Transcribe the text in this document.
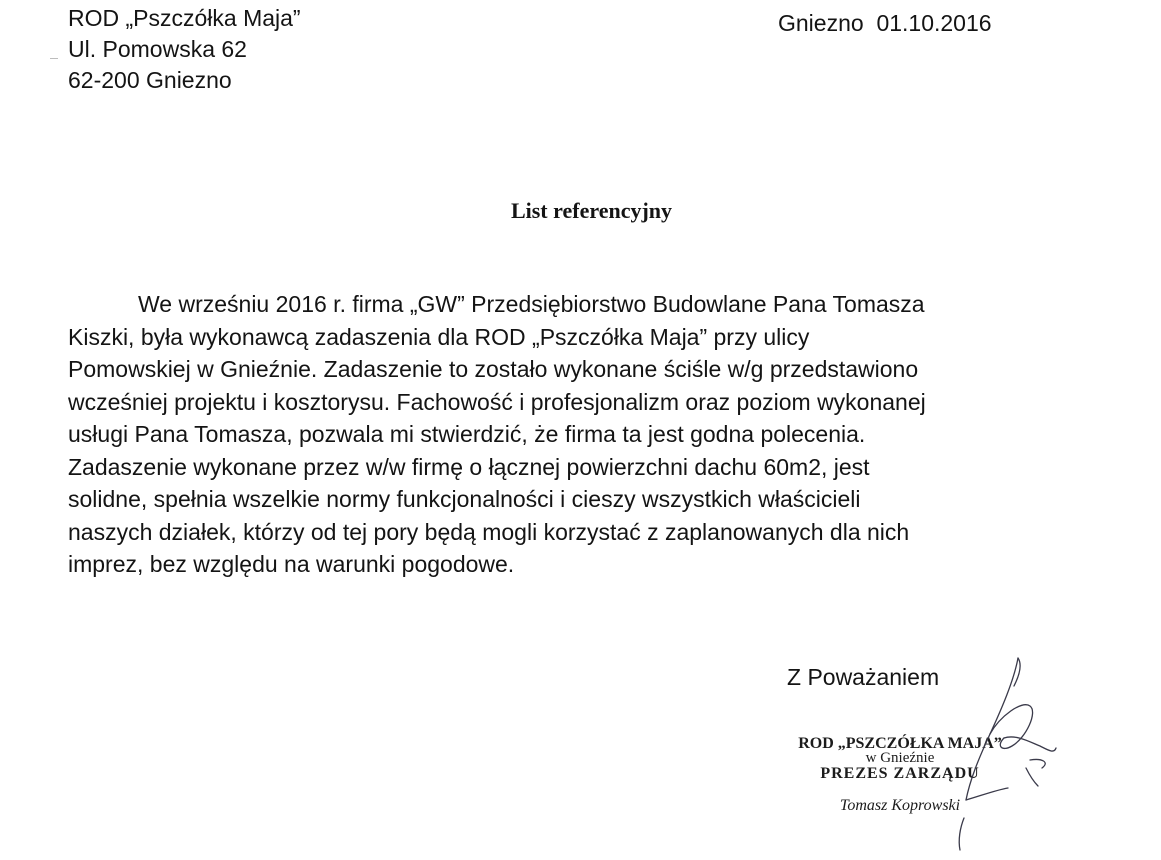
ROD „Pszczółka Maja”
Ul. Pomowska 62
62-200 Gniezno
Gniezno  01.10.2016
List referencyjny
We wrześniu 2016 r. firma „GW” Przedsiębiorstwo Budowlane Pana Tomasza
Kiszki, była wykonawcą zadaszenia dla ROD „Pszczółka Maja” przy ulicy
Pomowskiej w Gnieźnie. Zadaszenie to zostało wykonane ściśle w/g przedstawiono
wcześniej projektu i kosztorysu. Fachowość i profesjonalizm oraz poziom wykonanej
usługi Pana Tomasza, pozwala mi stwierdzić, że firma ta jest godna polecenia.
Zadaszenie wykonane przez w/w firmę o łącznej powierzchni dachu 60m2, jest
solidne, spełnia wszelkie normy funkcjonalności i cieszy wszystkich właścicieli
naszych działek, którzy od tej pory będą mogli korzystać z zaplanowanych dla nich
imprez, bez względu na warunki pogodowe.
Z Poważaniem
ROD „PSZCZÓŁKA MAJA”
w Gnieźnie
PREZES ZARZĄDU
Tomasz Koprowski
